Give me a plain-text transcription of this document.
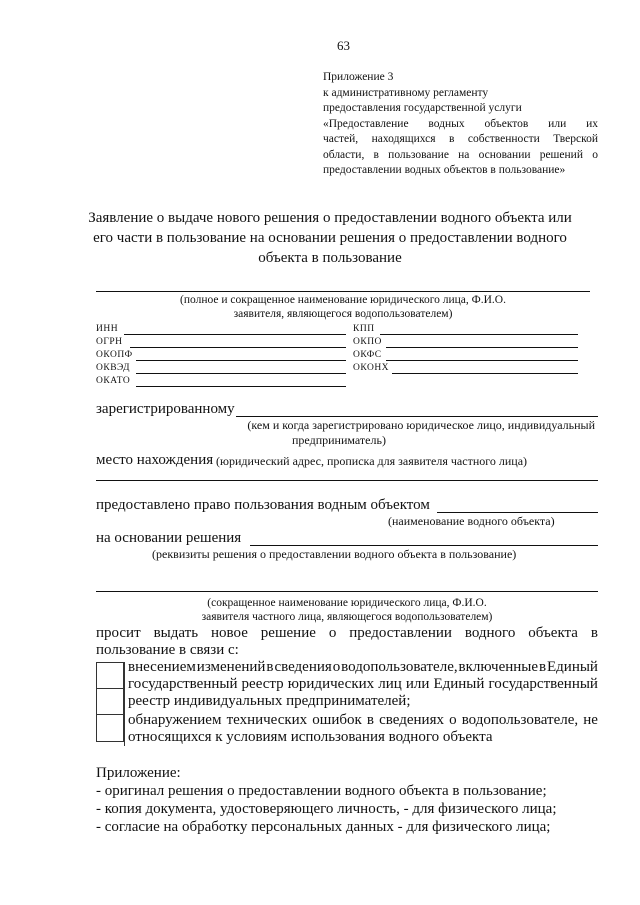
63
Приложение 3
к административному регламенту
предоставления государственной услуги
«Предоставление водных объектов или их
частей, находящихся в собственности Тверской
области, в пользование на основании решений о
предоставлении водных объектов в пользование»
Заявление о выдаче нового решения о предоставлении водного объекта или
его части в пользование на основании решения о предоставлении водного
объекта в пользование
(полное и сокращенное наименование юридического лица, Ф.И.О.
заявителя, являющегося водопользователем)
ИНН
ОГРН
ОКОПФ
ОКВЭД
ОКАТО
КПП
ОКПО
ОКФС
ОКОНХ
зарегистрированному
(кем и когда зарегистрировано юридическое лицо, индивидуальный
предприниматель)
место нахождения (юридический адрес, прописка для заявителя частного лица)
предоставлено право пользования водным объектом
(наименование водного объекта)
на основании решения
(реквизиты решения о предоставлении водного объекта в пользование)
(сокращенное наименование юридического лица, Ф.И.О.
заявителя частного лица, являющегося водопользователем)
просит выдать новое решение о предоставлении водного объекта в
пользование в связи с:
внесением изменений в сведения о водопользователе, включенные в Единый
государственный реестр юридических лиц или Единый государственный
реестр индивидуальных предпринимателей;
обнаружением технических ошибок в сведениях о водопользователе, не
относящихся к условиям использования водного объекта
Приложение:
- оригинал решения о предоставлении водного объекта в пользование;
- копия документа, удостоверяющего личность, - для физического лица;
- согласие на обработку персональных данных - для физического лица;
